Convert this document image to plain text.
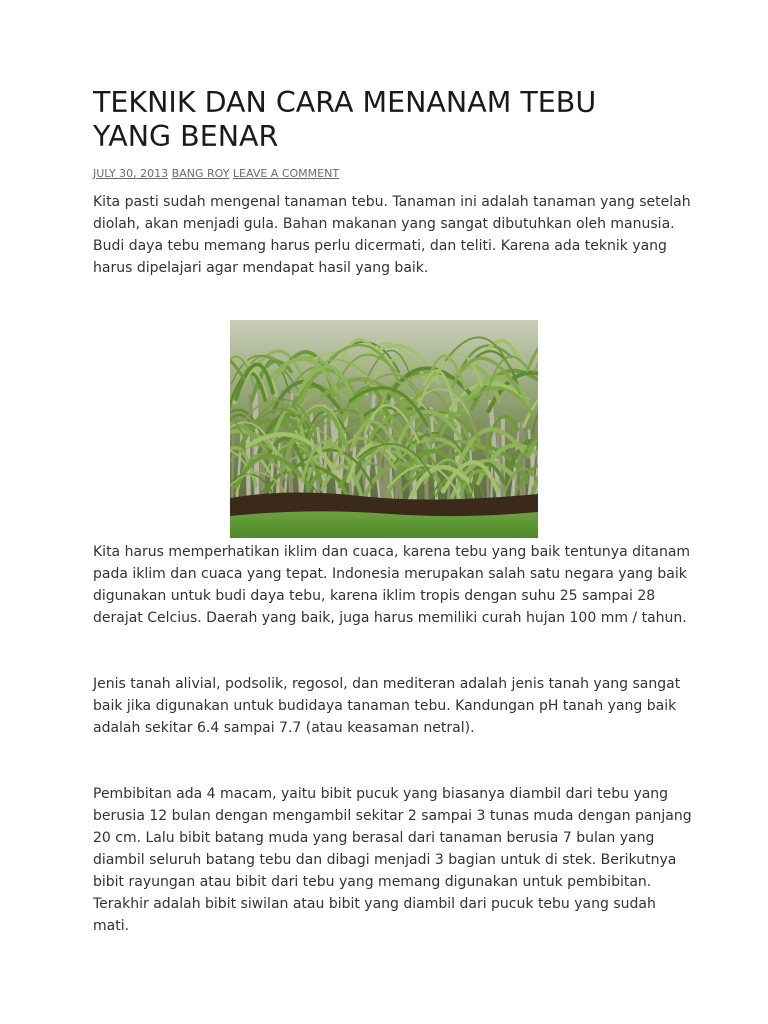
TEKNIK DAN CARA MENANAM TEBU
YANG BENAR
JULY 30, 2013 BANG ROY LEAVE A COMMENT

Kita pasti sudah mengenal tanaman tebu. Tanaman ini adalah tanaman yang setelah diolah, akan menjadi gula. Bahan makanan yang sangat dibutuhkan oleh manusia. Budi daya tebu memang harus perlu dicermati, dan teliti. Karena ada teknik yang harus dipelajari agar mendapat hasil yang baik.

Kita harus memperhatikan iklim dan cuaca, karena tebu yang baik tentunya ditanam pada iklim dan cuaca yang tepat. Indonesia merupakan salah satu negara yang baik digunakan untuk budi daya tebu, karena iklim tropis dengan suhu 25 sampai 28 derajat Celcius. Daerah yang baik, juga harus memiliki curah hujan 100 mm / tahun.

Jenis tanah alivial, podsolik, regosol, dan mediteran adalah jenis tanah yang sangat baik jika digunakan untuk budidaya tanaman tebu. Kandungan pH tanah yang baik adalah sekitar 6.4 sampai 7.7 (atau keasaman netral).

Pembibitan ada 4 macam, yaitu bibit pucuk yang biasanya diambil dari tebu yang berusia 12 bulan dengan mengambil sekitar 2 sampai 3 tunas muda dengan panjang 20 cm. Lalu bibit batang muda yang berasal dari tanaman berusia 7 bulan yang diambil seluruh batang tebu dan dibagi menjadi 3 bagian untuk di stek. Berikutnya bibit rayungan atau bibit dari tebu yang memang digunakan untuk pembibitan. Terakhir adalah bibit siwilan atau bibit yang diambil dari pucuk tebu yang sudah mati.
